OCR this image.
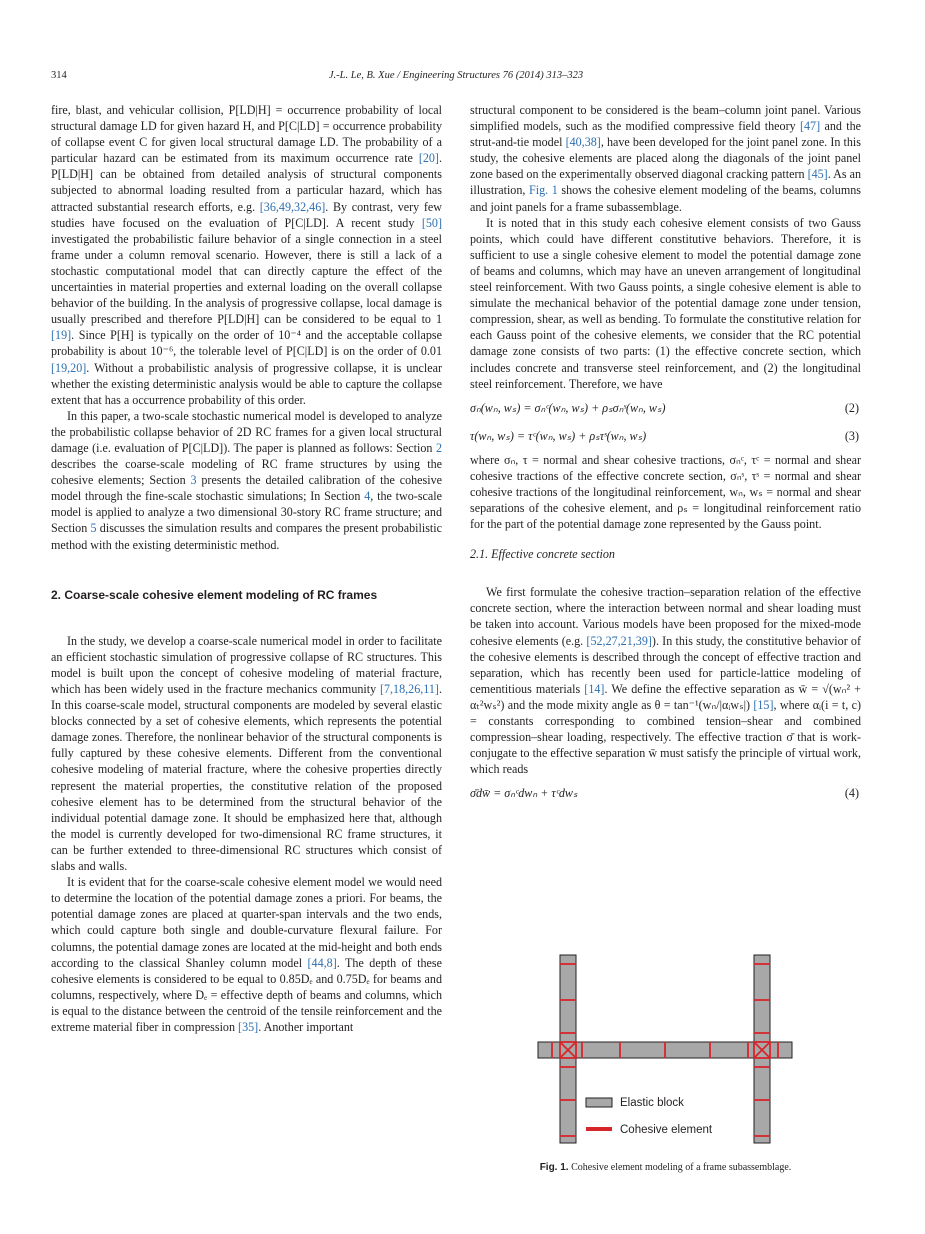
314	J.-L. Le, B. Xue / Engineering Structures 76 (2014) 313–323

fire, blast, and vehicular collision, P[LD|H] = occurrence probability of local structural damage LD for given hazard H, and P[C|LD] = occurrence probability of collapse event C for given local structural damage LD. The probability of a particular hazard can be estimated from its maximum occurrence rate [20]. P[LD|H] can be obtained from detailed analysis of structural components subjected to abnormal loading resulted from a particular hazard, which has attracted substantial research efforts, e.g. [36,49,32,46]. By contrast, very few studies have focused on the evaluation of P[C|LD]. A recent study [50] investigated the probabilistic failure behavior of a single connection in a steel frame under a column removal scenario. However, there is still a lack of a stochastic computational model that can directly capture the effect of the uncertainties in material properties and external loading on the overall collapse behavior of the building. In the analysis of progressive collapse, local damage is usually prescribed and therefore P[LD|H] can be considered to be equal to 1 [19]. Since P[H] is typically on the order of 10⁻⁴ and the acceptable collapse probability is about 10⁻⁶, the tolerable level of P[C|LD] is on the order of 0.01 [19,20]. Without a probabilistic analysis of progressive collapse, it is unclear whether the existing deterministic analysis would be able to capture the collapse extent that has a occurrence probability of this order.

In this paper, a two-scale stochastic numerical model is developed to analyze the probabilistic collapse behavior of 2D RC frames for a given local structural damage (i.e. evaluation of P[C|LD]). The paper is planned as follows: Section 2 describes the coarse-scale modeling of RC frame structures by using the cohesive elements; Section 3 presents the detailed calibration of the cohesive model through the fine-scale stochastic simulations; In Section 4, the two-scale model is applied to analyze a two dimensional 30-story RC frame structure; and Section 5 discusses the simulation results and compares the present probabilistic method with the existing deterministic method.

2. Coarse-scale cohesive element modeling of RC frames

In the study, we develop a coarse-scale numerical model in order to facilitate an efficient stochastic simulation of progressive collapse of RC structures. This model is built upon the concept of cohesive modeling of material fracture, which has been widely used in the fracture mechanics community [7,18,26,11]. In this coarse-scale model, structural components are modeled by several elastic blocks connected by a set of cohesive elements, which represents the potential damage zones. Therefore, the nonlinear behavior of the structural components is fully captured by these cohesive elements. Different from the conventional cohesive modeling of material fracture, where the cohesive properties directly represent the material properties, the constitutive relation of the proposed cohesive element has to be determined from the structural behavior of the individual potential damage zone. It should be emphasized here that, although the model is currently developed for two-dimensional RC frame structures, it can be further extended to three-dimensional RC structures which consist of slabs and walls.

It is evident that for the coarse-scale cohesive element model we would need to determine the location of the potential damage zones a priori. For beams, the potential damage zones are placed at quarter-span intervals and the two ends, which could capture both single and double-curvature flexural failure. For columns, the potential damage zones are located at the mid-height and both ends according to the classical Shanley column model [44,8]. The depth of these cohesive elements is considered to be equal to 0.85Dₑ and 0.75Dₑ for beams and columns, respectively, where Dₑ = effective depth of beams and columns, which is equal to the distance between the centroid of the tensile reinforcement and the extreme material fiber in compression [35]. Another important

structural component to be considered is the beam–column joint panel. Various simplified models, such as the modified compressive field theory [47] and the strut-and-tie model [40,38], have been developed for the joint panel zone. In this study, the cohesive elements are placed along the diagonals of the joint panel zone based on the experimentally observed diagonal cracking pattern [45]. As an illustration, Fig. 1 shows the cohesive element modeling of the beams, columns and joint panels for a frame subassemblage.

It is noted that in this study each cohesive element consists of two Gauss points, which could have different constitutive behaviors. Therefore, it is sufficient to use a single cohesive element to model the potential damage zone of beams and columns, which may have an uneven arrangement of longitudinal steel reinforcement. With two Gauss points, a single cohesive element is able to simulate the mechanical behavior of the potential damage zone under tension, compression, shear, as well as bending. To formulate the constitutive relation for each Gauss point of the cohesive elements, we consider that the RC potential damage zone consists of two parts: (1) the effective concrete section, which includes concrete and transverse steel reinforcement, and (2) the longitudinal steel reinforcement. Therefore, we have

σₙ(wₙ, wₛ) = σₙᶜ(wₙ, wₛ) + ρₛσₙˢ(wₙ, wₛ)	(2)
τ(wₙ, wₛ) = τᶜ(wₙ, wₛ) + ρₛτˢ(wₙ, wₛ)	(3)

where σₙ, τ = normal and shear cohesive tractions, σₙᶜ, τᶜ = normal and shear cohesive tractions of the effective concrete section, σₙˢ, τˢ = normal and shear cohesive tractions of the longitudinal reinforcement, wₙ, wₛ = normal and shear separations of the cohesive element, and ρₛ = longitudinal reinforcement ratio for the part of the potential damage zone represented by the Gauss point.

2.1. Effective concrete section

We first formulate the cohesive traction–separation relation of the effective concrete section, where the interaction between normal and shear loading must be taken into account. Various models have been proposed for the mixed-mode cohesive elements (e.g. [52,27,21,39]). In this study, the constitutive behavior of the cohesive elements is described through the concept of effective traction and separation, which has recently been used for particle-lattice modeling of cementitious materials [14]. We define the effective separation as w̄ = √(wₙ² + αₜ²wₛ²) and the mode mixity angle as θ = tan⁻¹(wₙ/|αᵢwₛ|) [15], where αᵢ(i = t, c) = constants corresponding to combined tension–shear and combined compression–shear loading, respectively. The effective traction σ̄ that is work-conjugate to the effective separation w̄ must satisfy the principle of virtual work, which reads

σ̄dw̄ = σₙᶜdwₙ + τᶜdwₛ	(4)
Elastic block
Cohesive element
Fig. 1. Cohesive element modeling of a frame subassemblage.
